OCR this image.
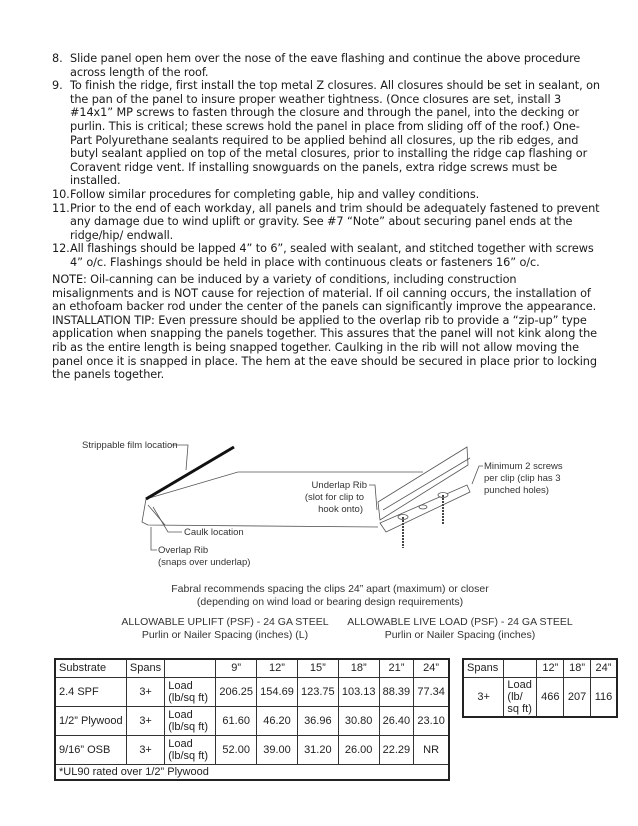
8. Slide panel open hem over the nose of the eave flashing and continue the above procedure across length of the roof.
9. To finish the ridge, first install the top metal Z closures. All closures should be set in sealant, on the pan of the panel to insure proper weather tightness. (Once closures are set, install 3 #14x1” MP screws to fasten through the closure and through the panel, into the decking or purlin. This is critical; these screws hold the panel in place from sliding off of the roof.) One-Part Polyurethane sealants required to be applied behind all closures, up the rib edges, and butyl sealant applied on top of the metal closures, prior to installing the ridge cap flashing or Coravent ridge vent. If installing snowguards on the panels, extra ridge screws must be installed.
10. Follow similar procedures for completing gable, hip and valley conditions.
11. Prior to the end of each workday, all panels and trim should be adequately fastened to prevent any damage due to wind uplift or gravity. See #7 “Note” about securing panel ends at the ridge/hip/ endwall.
12. All flashings should be lapped 4” to 6”, sealed with sealant, and stitched together with screws 4” o/c. Flashings should be held in place with continuous cleats or fasteners 16” o/c.
NOTE: Oil-canning can be induced by a variety of conditions, including construction misalignments and is NOT cause for rejection of material. If oil canning occurs, the installation of an ethofoam backer rod under the center of the panels can significantly improve the appearance. INSTALLATION TIP: Even pressure should be applied to the overlap rib to provide a “zip-up” type application when snapping the panels together. This assures that the panel will not kink along the rib as the entire length is being snapped together. Caulking in the rib will not allow moving the panel once it is snapped in place. The hem at the eave should be secured in place prior to locking the panels together.
Strippable film location
Caulk location
Overlap Rib
(snaps over underlap)
Underlap Rib
(slot for clip to
hook onto)
Minimum 2 screws
per clip (clip has 3
punched holes)
Fabral recommends spacing the clips 24” apart (maximum) or closer
(depending on wind load or bearing design requirements)
ALLOWABLE UPLIFT (PSF) - 24 GA STEEL
Purlin or Nailer Spacing (inches) (L)
ALLOWABLE LIVE LOAD (PSF) - 24 GA STEEL
Purlin or Nailer Spacing (inches)
Substrate	Spans		9”	12”	15”	18”	21”	24”
2.4 SPF	3+	Load (lb/sq ft)	206.25	154.69	123.75	103.13	88.39	77.34
1/2” Plywood	3+	Load (lb/sq ft)	61.60	46.20	36.96	30.80	26.40	23.10
9/16” OSB	3+	Load (lb/sq ft)	52.00	39.00	31.20	26.00	22.29	NR
*UL90 rated over 1/2” Plywood								
Spans		12”	18”	24”
3+	Load (lb/ sq ft)	466	207	116
